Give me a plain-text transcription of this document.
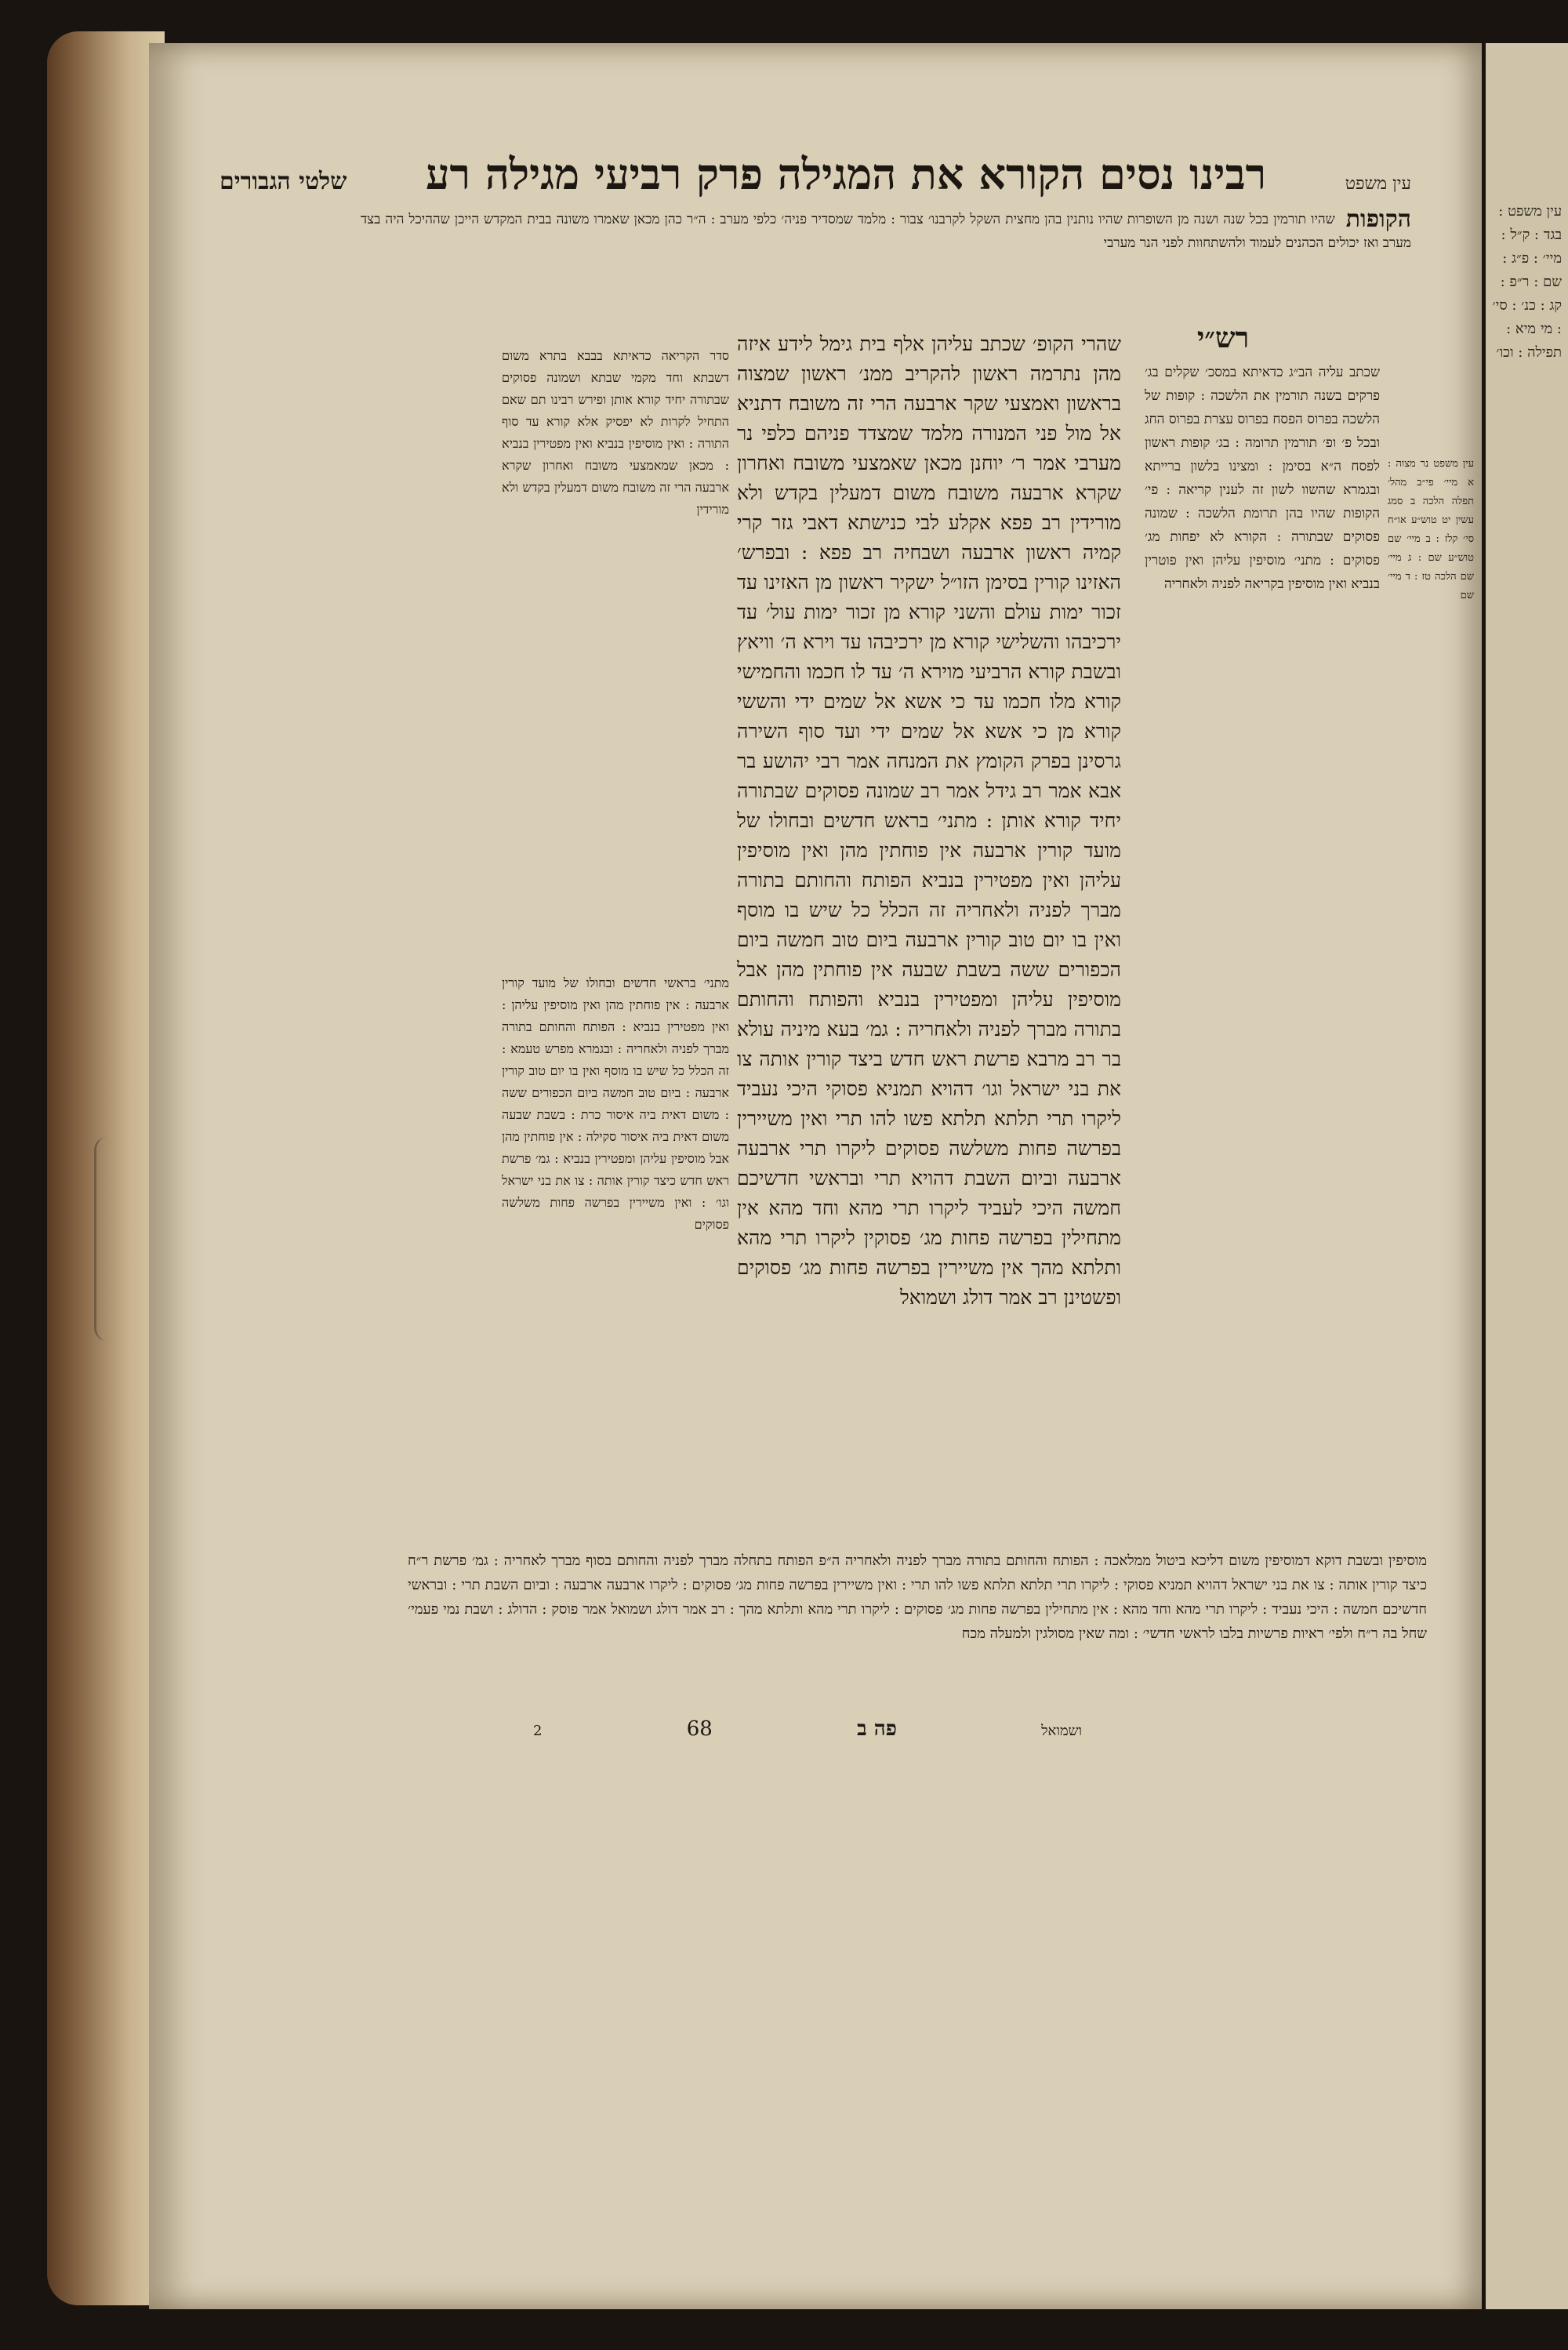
עין משפט : בגד : ק״ל : מיי׳ : פ״ג : שם : ר״פ : קג : כנ׳ : סי׳ : מי מיא : תפילה : וכו׳
עין משפט
רבינו נסים הקורא את המגילה פרק רביעי מגילה רע
שלטי הגבורים
הקופות
שהיו תורמין בכל שנה ושנה מן השופרות שהיו נותנין בהן מחצית השקל לקרבנו׳ צבור : מלמד שמסדיר פניה׳ כלפי מערב : ה״ר כהן מכאן שאמרו משונה בבית המקדש הייכן שההיכל היה בצד מערב ואז יכולים הכהנים לעמוד ולהשתחוות לפני הנר מערבי
רש״י
שכתב עליה הב״ג כדאיתא במסכ׳ שקלים בג׳ פרקים בשנה תורמין את הלשכה : קופות של הלשכה בפרוס הפסח בפרוס עצרת בפרוס החג ובכל פ׳ ופ׳ תורמין תרומה : בג׳ קופות ראשון לפסח ה״א בסימן : ומצינו בלשון ברייתא ובגמרא שהשוו לשון זה לענין קריאה : פי׳ הקופות שהיו בהן תרומת הלשכה : שמונה פסוקים שבתורה : הקורא לא יפחות מג׳ פסוקים : מתני׳ מוסיפין עליהן ואין פוטרין בנביא ואין מוסיפין בקריאה לפניה ולאחריה
שהרי הקופ׳ שכתב עליהן אלף בית גימל לידע איזה מהן נתרמה ראשון להקריב ממנ׳ ראשון שמצוה בראשון ואמצעי שקר ארבעה הרי זה משובח דתניא אל מול פני המנורה מלמד שמצדד פניהם כלפי נר מערבי אמר ר׳ יוחנן מכאן שאמצעי משובח ואחרון שקרא ארבעה משובח משום דמעלין בקדש ולא מורידין רב פפא אקלע לבי כנישתא דאבי גזר קרי קמיה ראשון ארבעה ושבחיה רב פפא : ובפרש׳ האזינו קורין בסימן הזו״ל ישקיר ראשון מן האזינו עד זכור ימות עולם והשני קורא מן זכור ימות עול׳ עד ירכיבהו והשלישי קורא מן ירכיבהו עד וירא ה׳ וויאץ ובשבת קורא הרביעי מוירא ה׳ עד לו חכמו והחמישי קורא מלו חכמו עד כי אשא אל שמים ידי והששי קורא מן כי אשא אל שמים ידי ועד סוף השירה גרסינן בפרק הקומץ את המנחה אמר רבי יהושע בר אבא אמר רב גידל אמר רב שמונה פסוקים שבתורה יחיד קורא אותן : מתני׳ בראש חדשים ובחולו של מועד קורין ארבעה אין פוחתין מהן ואין מוסיפין עליהן ואין מפטירין בנביא הפותח והחותם בתורה מברך לפניה ולאחריה זה הכלל כל שיש בו מוסף ואין בו יום טוב קורין ארבעה ביום טוב חמשה ביום הכפורים ששה בשבת שבעה אין פוחתין מהן אבל מוסיפין עליהן ומפטירין בנביא והפותח והחותם בתורה מברך לפניה ולאחריה : גמ׳ בעא מיניה עולא בר רב מרבא פרשת ראש חדש ביצד קורין אותה צו את בני ישראל וגו׳ דהויא תמניא פסוקי היכי נעביד ליקרו תרי תלתא תלתא פשו להו תרי ואין משיירין בפרשה פחות משלשה פסוקים ליקרו תרי ארבעה ארבעה וביום השבת דהויא תרי ובראשי חדשיכם חמשה היכי לעביד ליקרו תרי מהא וחד מהא אין מתחילין בפרשה פחות מג׳ פסוקין ליקרו תרי מהא ותלתא מהך אין משיירין בפרשה פחות מג׳ פסוקים ופשטינן רב אמר דולג ושמואל
סדר הקריאה כדאיתא בבבא בתרא משום דשבתא וחד מקמי שבתא ושמונה פסוקים שבתורה יחיד קורא אותן ופירש רבינו תם שאם התחיל לקרות לא יפסיק אלא קורא עד סוף התורה : ואין מוסיפין בנביא ואין מפטירין בנביא : מכאן שמאמצעי משובח ואחרון שקרא ארבעה הרי זה משובח משום דמעלין בקדש ולא מורידין
מתני׳ בראשי חדשים ובחולו של מועד קורין ארבעה : אין פוחתין מהן ואין מוסיפין עליהן : ואין מפטירין בנביא : הפותח והחותם בתורה מברך לפניה ולאחריה : ובגמרא מפרש טעמא : זה הכלל כל שיש בו מוסף ואין בו יום טוב קורין ארבעה : ביום טוב חמשה ביום הכפורים ששה : משום דאית ביה איסור כרת : בשבת שבעה משום דאית ביה איסור סקילה : אין פוחתין מהן אבל מוסיפין עליהן ומפטירין בנביא : גמ׳ פרשת ראש חדש כיצד קורין אותה : צו את בני ישראל וגו׳ : ואין משיירין בפרשה פחות משלשה פסוקים
עין משפט נר מצוה : א מיי׳ פי״ב מהל׳ תפלה הלכה ב סמג עשין יט טוש״ע או״ח סי׳ קלז : ב מיי׳ שם טוש״ע שם : ג מיי׳ שם הלכה טז : ד מיי׳ שם
מוסיפין ובשבת דוקא דמוסיפין משום דליכא ביטול ממלאכה : הפותח והחותם בתורה מברך לפניה ולאחריה ה״פ הפותח בתחלה מברך לפניה והחותם בסוף מברך לאחריה : גמ׳ פרשת ר״ח כיצד קורין אותה : צו את בני ישראל דהויא תמניא פסוקי : ליקרו תרי תלתא תלתא פשו להו תרי : ואין משיירין בפרשה פחות מג׳ פסוקים : ליקרו ארבעה ארבעה : וביום השבת תרי : ובראשי חדשיכם חמשה : היכי נעביד : ליקרו תרי מהא וחד מהא : אין מתחילין בפרשה פחות מג׳ פסוקים : ליקרו תרי מהא ותלתא מהך : רב אמר דולג ושמואל אמר פוסק : הדולג : ושבת נמי פעמי׳ שחל בה ר״ח ולפי׳ ראיות פרשיות בלבו לראשי חדשי׳ : ומה שאין מסולגין ולמעלה מכח
ושמואל
פה ב
68
2
